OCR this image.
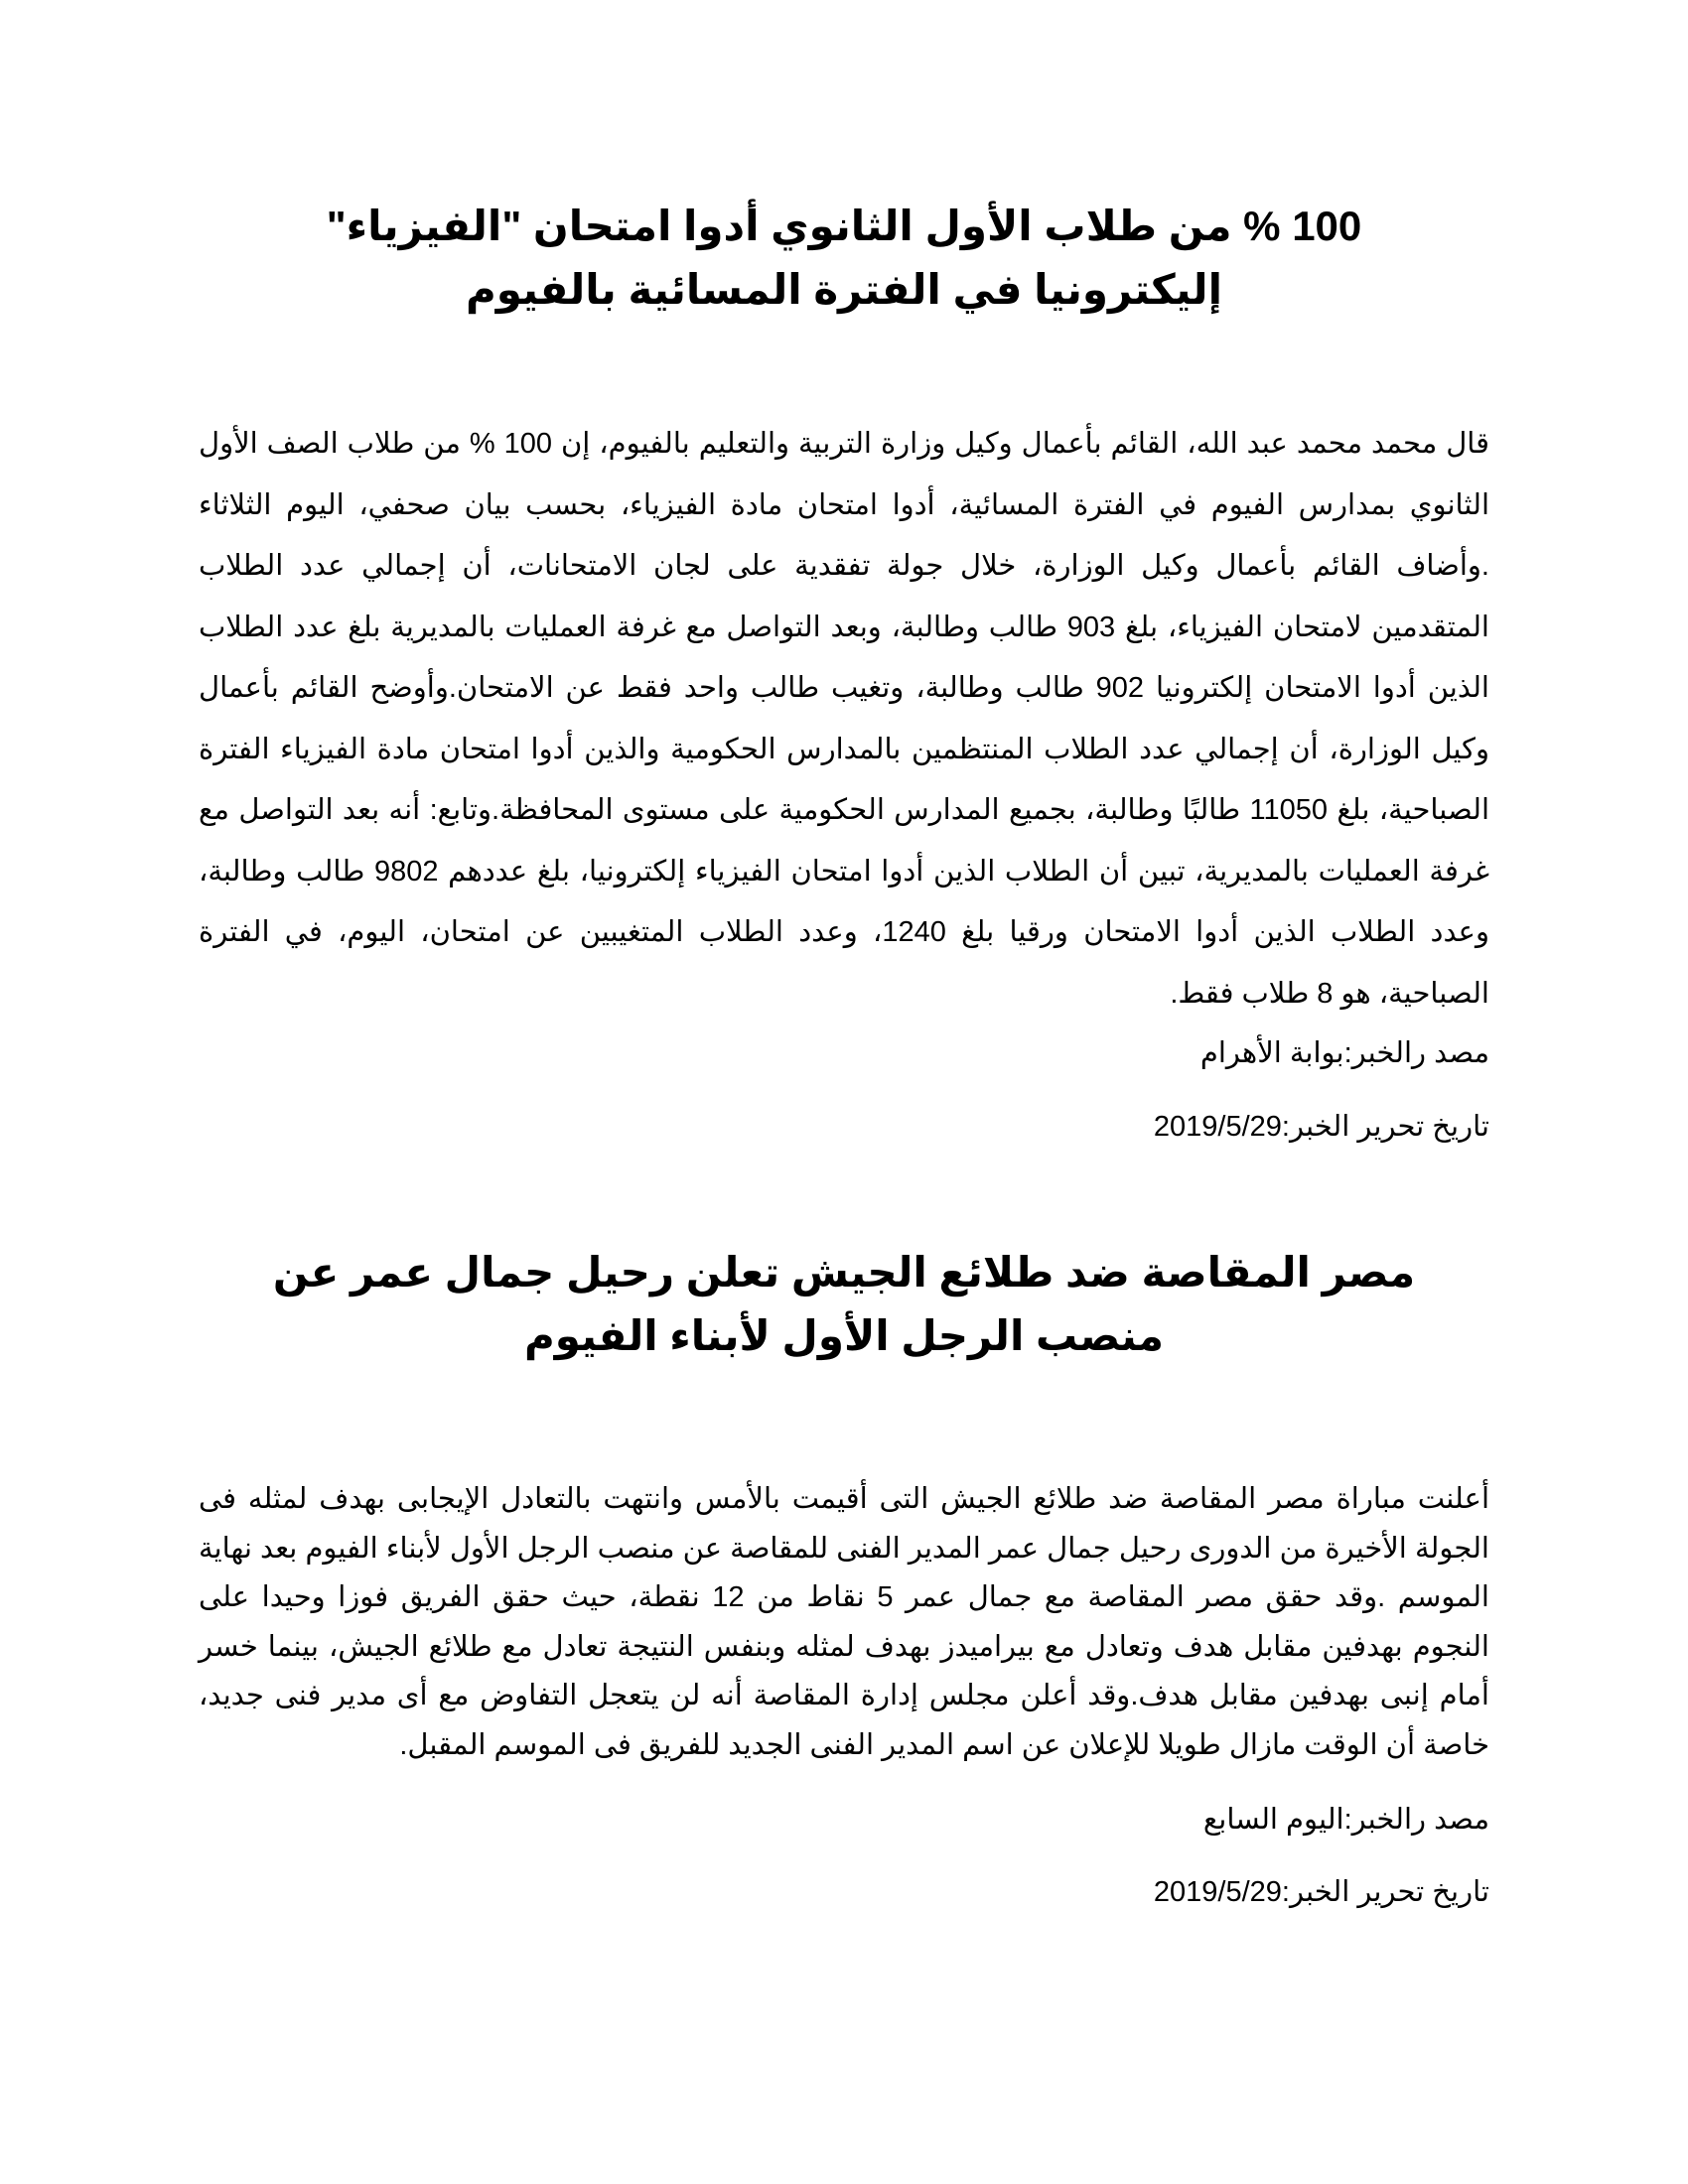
100 % من طلاب الأول الثانوي أدوا امتحان "الفيزياء" إليكترونيا في الفترة المسائية بالفيوم

قال محمد محمد عبد الله، القائم بأعمال وكيل وزارة التربية والتعليم بالفيوم، إن 100 % من طلاب الصف الأول الثانوي بمدارس الفيوم في الفترة المسائية، أدوا امتحان مادة الفيزياء، بحسب بيان صحفي، اليوم الثلاثاء .وأضاف القائم بأعمال وكيل الوزارة، خلال جولة تفقدية على لجان الامتحانات، أن إجمالي عدد الطلاب المتقدمين لامتحان الفيزياء، بلغ 903 طالب وطالبة، وبعد التواصل مع غرفة العمليات بالمديرية بلغ عدد الطلاب الذين أدوا الامتحان إلكترونيا 902 طالب وطالبة، وتغيب طالب واحد فقط عن الامتحان.وأوضح القائم بأعمال وكيل الوزارة، أن إجمالي عدد الطلاب المنتظمين بالمدارس الحكومية والذين أدوا امتحان مادة الفيزياء الفترة الصباحية، بلغ 11050 طالبًا وطالبة، بجميع المدارس الحكومية على مستوى المحافظة.وتابع: أنه بعد التواصل مع غرفة العمليات بالمديرية، تبين أن الطلاب الذين أدوا امتحان الفيزياء إلكترونيا، بلغ عددهم 9802 طالب وطالبة، وعدد الطلاب الذين أدوا الامتحان ورقيا بلغ 1240، وعدد الطلاب المتغيبين عن امتحان، اليوم، في الفترة الصباحية، هو 8 طلاب فقط.

مصد رالخبر:بوابة الأهرام

تاريخ تحرير الخبر:2019/5/29

مصر المقاصة ضد طلائع الجيش تعلن رحيل جمال عمر عن منصب الرجل الأول لأبناء الفيوم

أعلنت مباراة مصر المقاصة ضد طلائع الجيش التى أقيمت بالأمس وانتهت بالتعادل الإيجابى بهدف لمثله فى الجولة الأخيرة من الدورى رحيل جمال عمر المدير الفنى للمقاصة عن منصب الرجل الأول لأبناء الفيوم بعد نهاية الموسم .وقد حقق مصر المقاصة مع جمال عمر 5 نقاط من 12 نقطة، حيث حقق الفريق فوزا وحيدا على النجوم بهدفين مقابل هدف وتعادل مع بيراميدز بهدف لمثله وبنفس النتيجة تعادل مع طلائع الجيش، بينما خسر أمام إنبى بهدفين مقابل هدف.وقد أعلن مجلس إدارة المقاصة أنه لن يتعجل التفاوض مع أى مدير فنى جديد، خاصة أن الوقت مازال طويلا للإعلان عن اسم المدير الفنى الجديد للفريق فى الموسم المقبل.

مصد رالخبر:اليوم السابع

تاريخ تحرير الخبر:2019/5/29
